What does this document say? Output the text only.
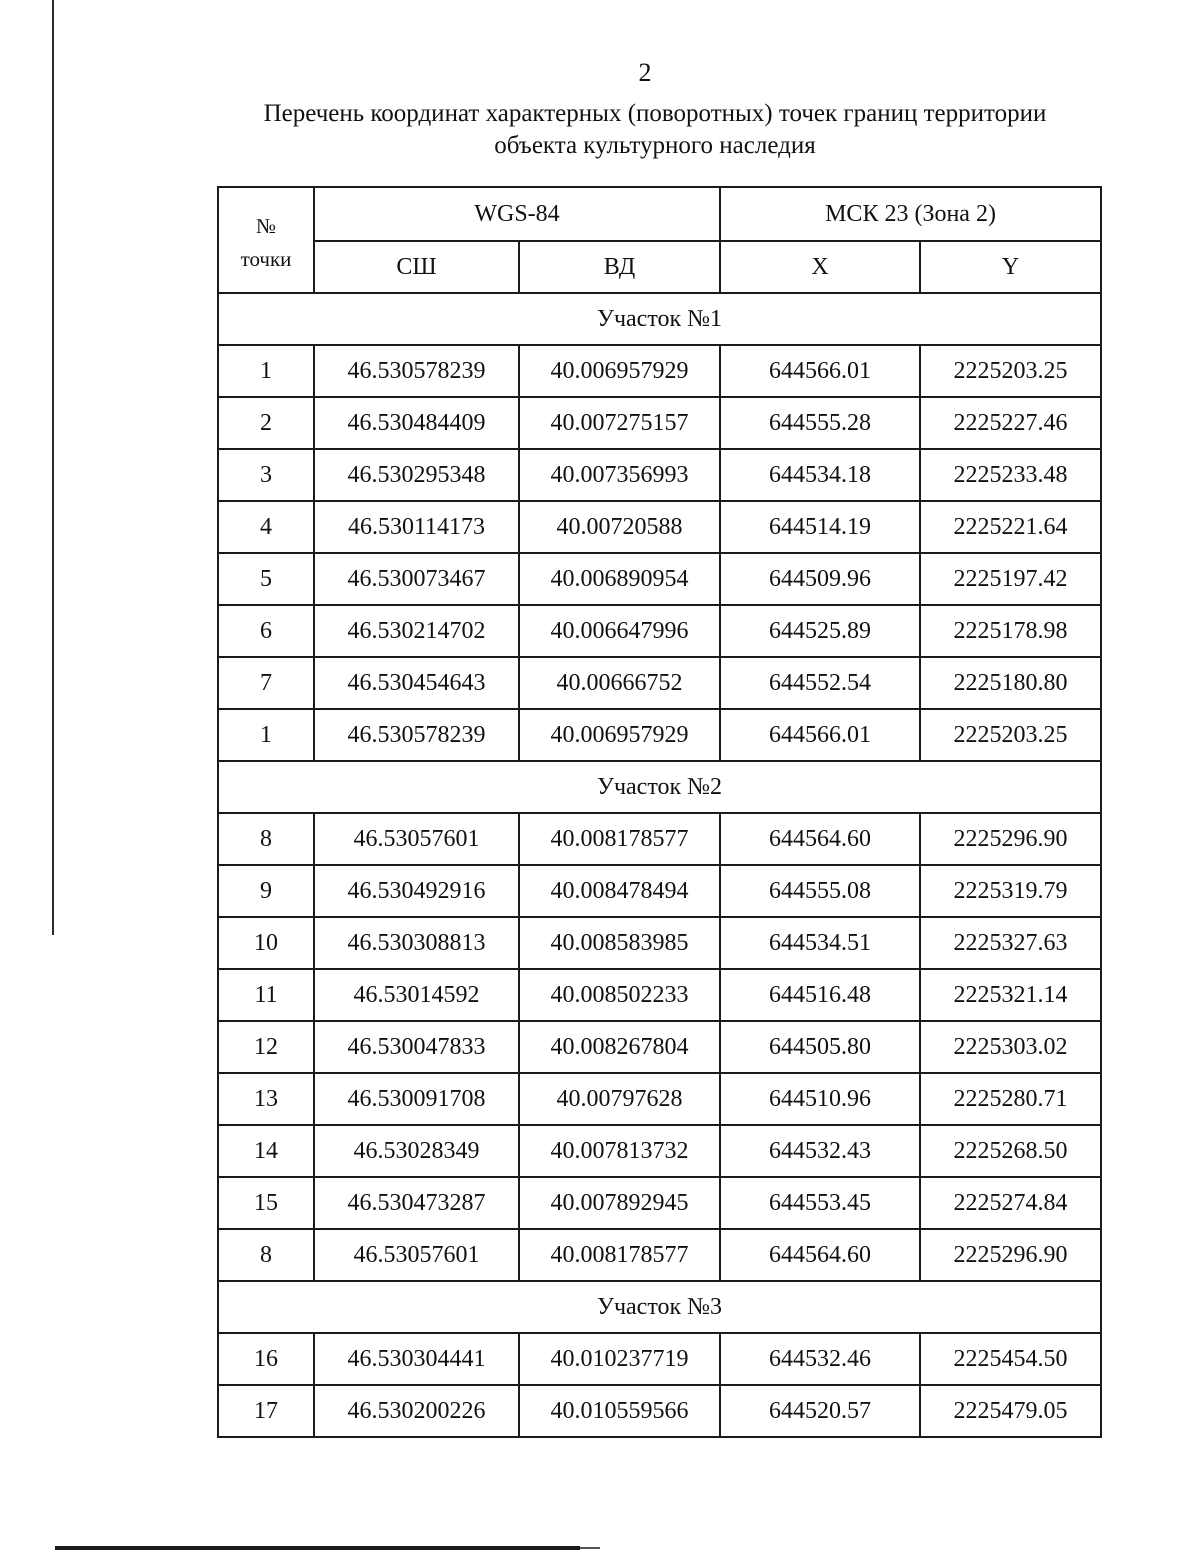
2
Перечень координат характерных (поворотных) точек границ территории
объекта культурного наследия
№
точки	WGS-84		МСК 23 (Зона 2)	
	СШ	ВД	X	Y
Участок №1				
1	46.530578239	40.006957929	644566.01	2225203.25
2	46.530484409	40.007275157	644555.28	2225227.46
3	46.530295348	40.007356993	644534.18	2225233.48
4	46.530114173	40.00720588	644514.19	2225221.64
5	46.530073467	40.006890954	644509.96	2225197.42
6	46.530214702	40.006647996	644525.89	2225178.98
7	46.530454643	40.00666752	644552.54	2225180.80
1	46.530578239	40.006957929	644566.01	2225203.25
Участок №2				
8	46.53057601	40.008178577	644564.60	2225296.90
9	46.530492916	40.008478494	644555.08	2225319.79
10	46.530308813	40.008583985	644534.51	2225327.63
11	46.53014592	40.008502233	644516.48	2225321.14
12	46.530047833	40.008267804	644505.80	2225303.02
13	46.530091708	40.00797628	644510.96	2225280.71
14	46.53028349	40.007813732	644532.43	2225268.50
15	46.530473287	40.007892945	644553.45	2225274.84
8	46.53057601	40.008178577	644564.60	2225296.90
Участок №3				
16	46.530304441	40.010237719	644532.46	2225454.50
17	46.530200226	40.010559566	644520.57	2225479.05
